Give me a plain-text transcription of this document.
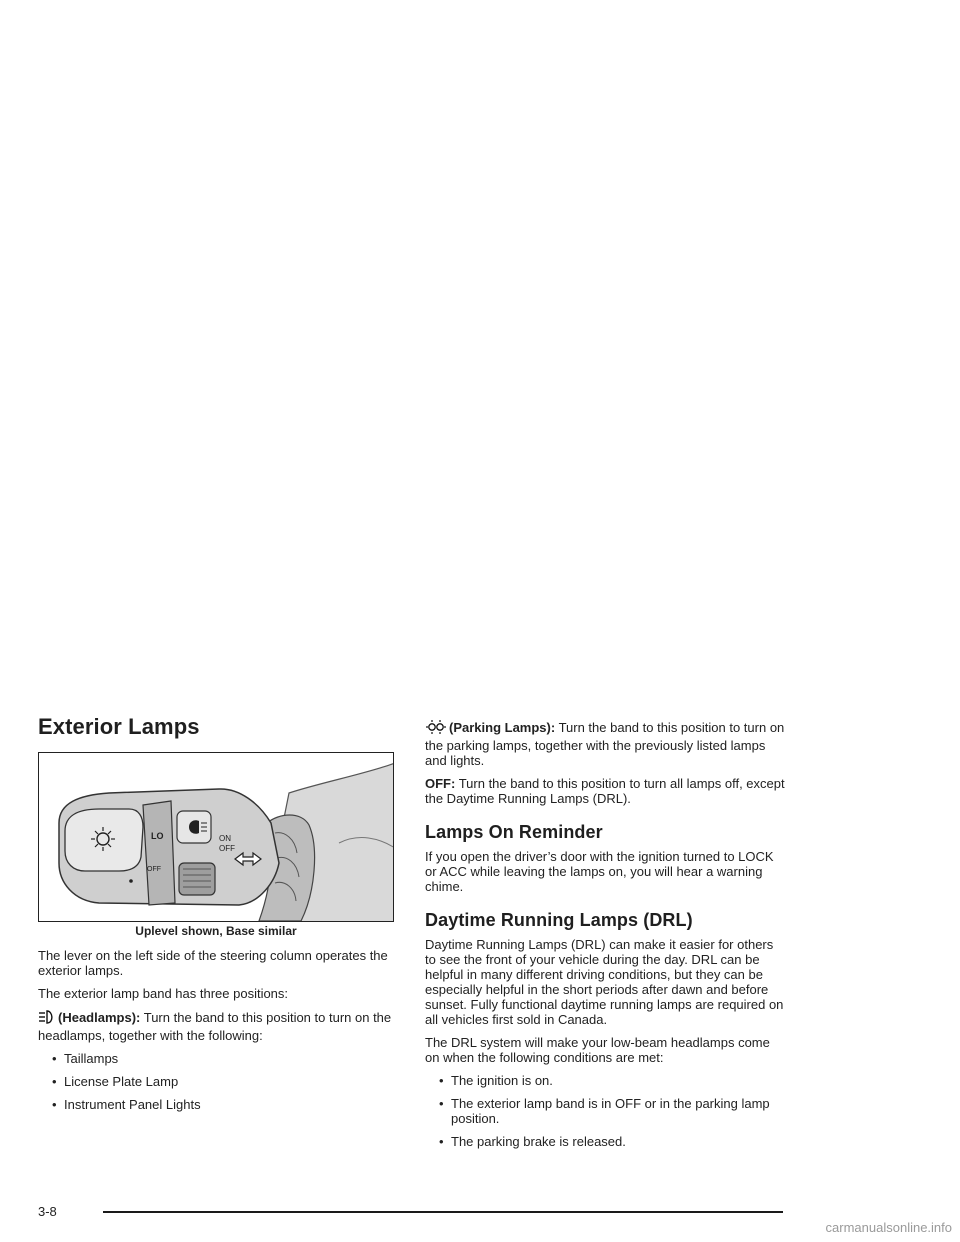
Exterior Lamps
LO
OFF
ON
OFF
Uplevel shown, Base similar

The lever on the left side of the steering column operates the exterior lamps.

The exterior lamp band has three positions:

(Headlamps): Turn the band to this position to turn on the headlamps, together with the following:

• Taillamps
• License Plate Lamp
• Instrument Panel Lights

(Parking Lamps): Turn the band to this position to turn on the parking lamps, together with the previously listed lamps and lights.

OFF: Turn the band to this position to turn all lamps off, except the Daytime Running Lamps (DRL).

Lamps On Reminder

If you open the driver’s door with the ignition turned to LOCK or ACC while leaving the lamps on, you will hear a warning chime.

Daytime Running Lamps (DRL)

Daytime Running Lamps (DRL) can make it easier for others to see the front of your vehicle during the day. DRL can be helpful in many different driving conditions, but they can be especially helpful in the short periods after dawn and before sunset. Fully functional daytime running lamps are required on all vehicles first sold in Canada.

The DRL system will make your low-beam headlamps come on when the following conditions are met:

• The ignition is on.
• The exterior lamp band is in OFF or in the parking lamp position.
• The parking brake is released.
3-8
carmanualsonline.info
